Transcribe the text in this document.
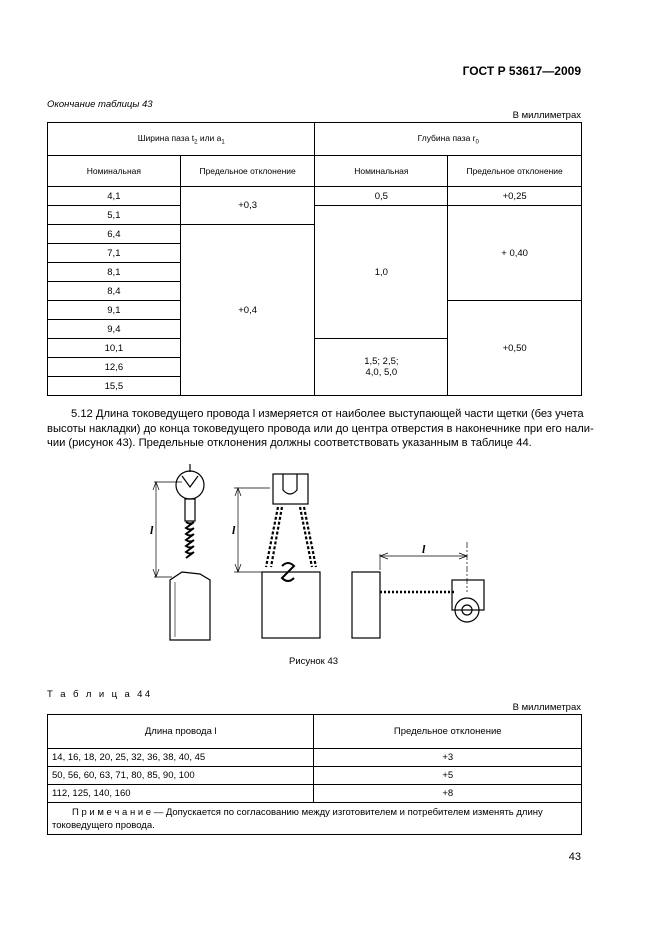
ГОСТ Р 53617—2009
Окончание таблицы 43
В миллиметрах
Ширина паза $t_2$ или $a_1$		Глубина паза $r_0$
Номинальная	Предельное отклонение	Номинальная	Предельное отклонение
4,1	+0,3	0,5	+0,25
5,1		1,0	+ 0,40
6,4	+0,4		
7,1			
8,1			
8,4			
9,1			+0,50
9,4			
10,1		1,5; 2,5;
4,0, 5,0	

12,6			
15,5			
5.12 Длина токоведущего провода l измеряется от наиболее выступающей части щетки (без учета
высоты накладки) до конца токоведущего провода или до центра отверстия в наконечнике при его нали-
чии (рисунок 43). Предельные отклонения должны соответствовать указанным в таблице 44.
l	l
l
Рисунок 43
Т а б л и ц а 44
В миллиметрах
Длина провода l	Предельное отклонение
14, 16, 18, 20, 25, 32, 36, 38, 40, 45	+3
50, 56, 60, 63, 71, 80, 85, 90, 100	+5
112, 125, 140, 160	+8

П р и м е ч а н и е — Допускается по согласованию между изготовителем и потребителем изменять длину
токоведущего провода.	
43
